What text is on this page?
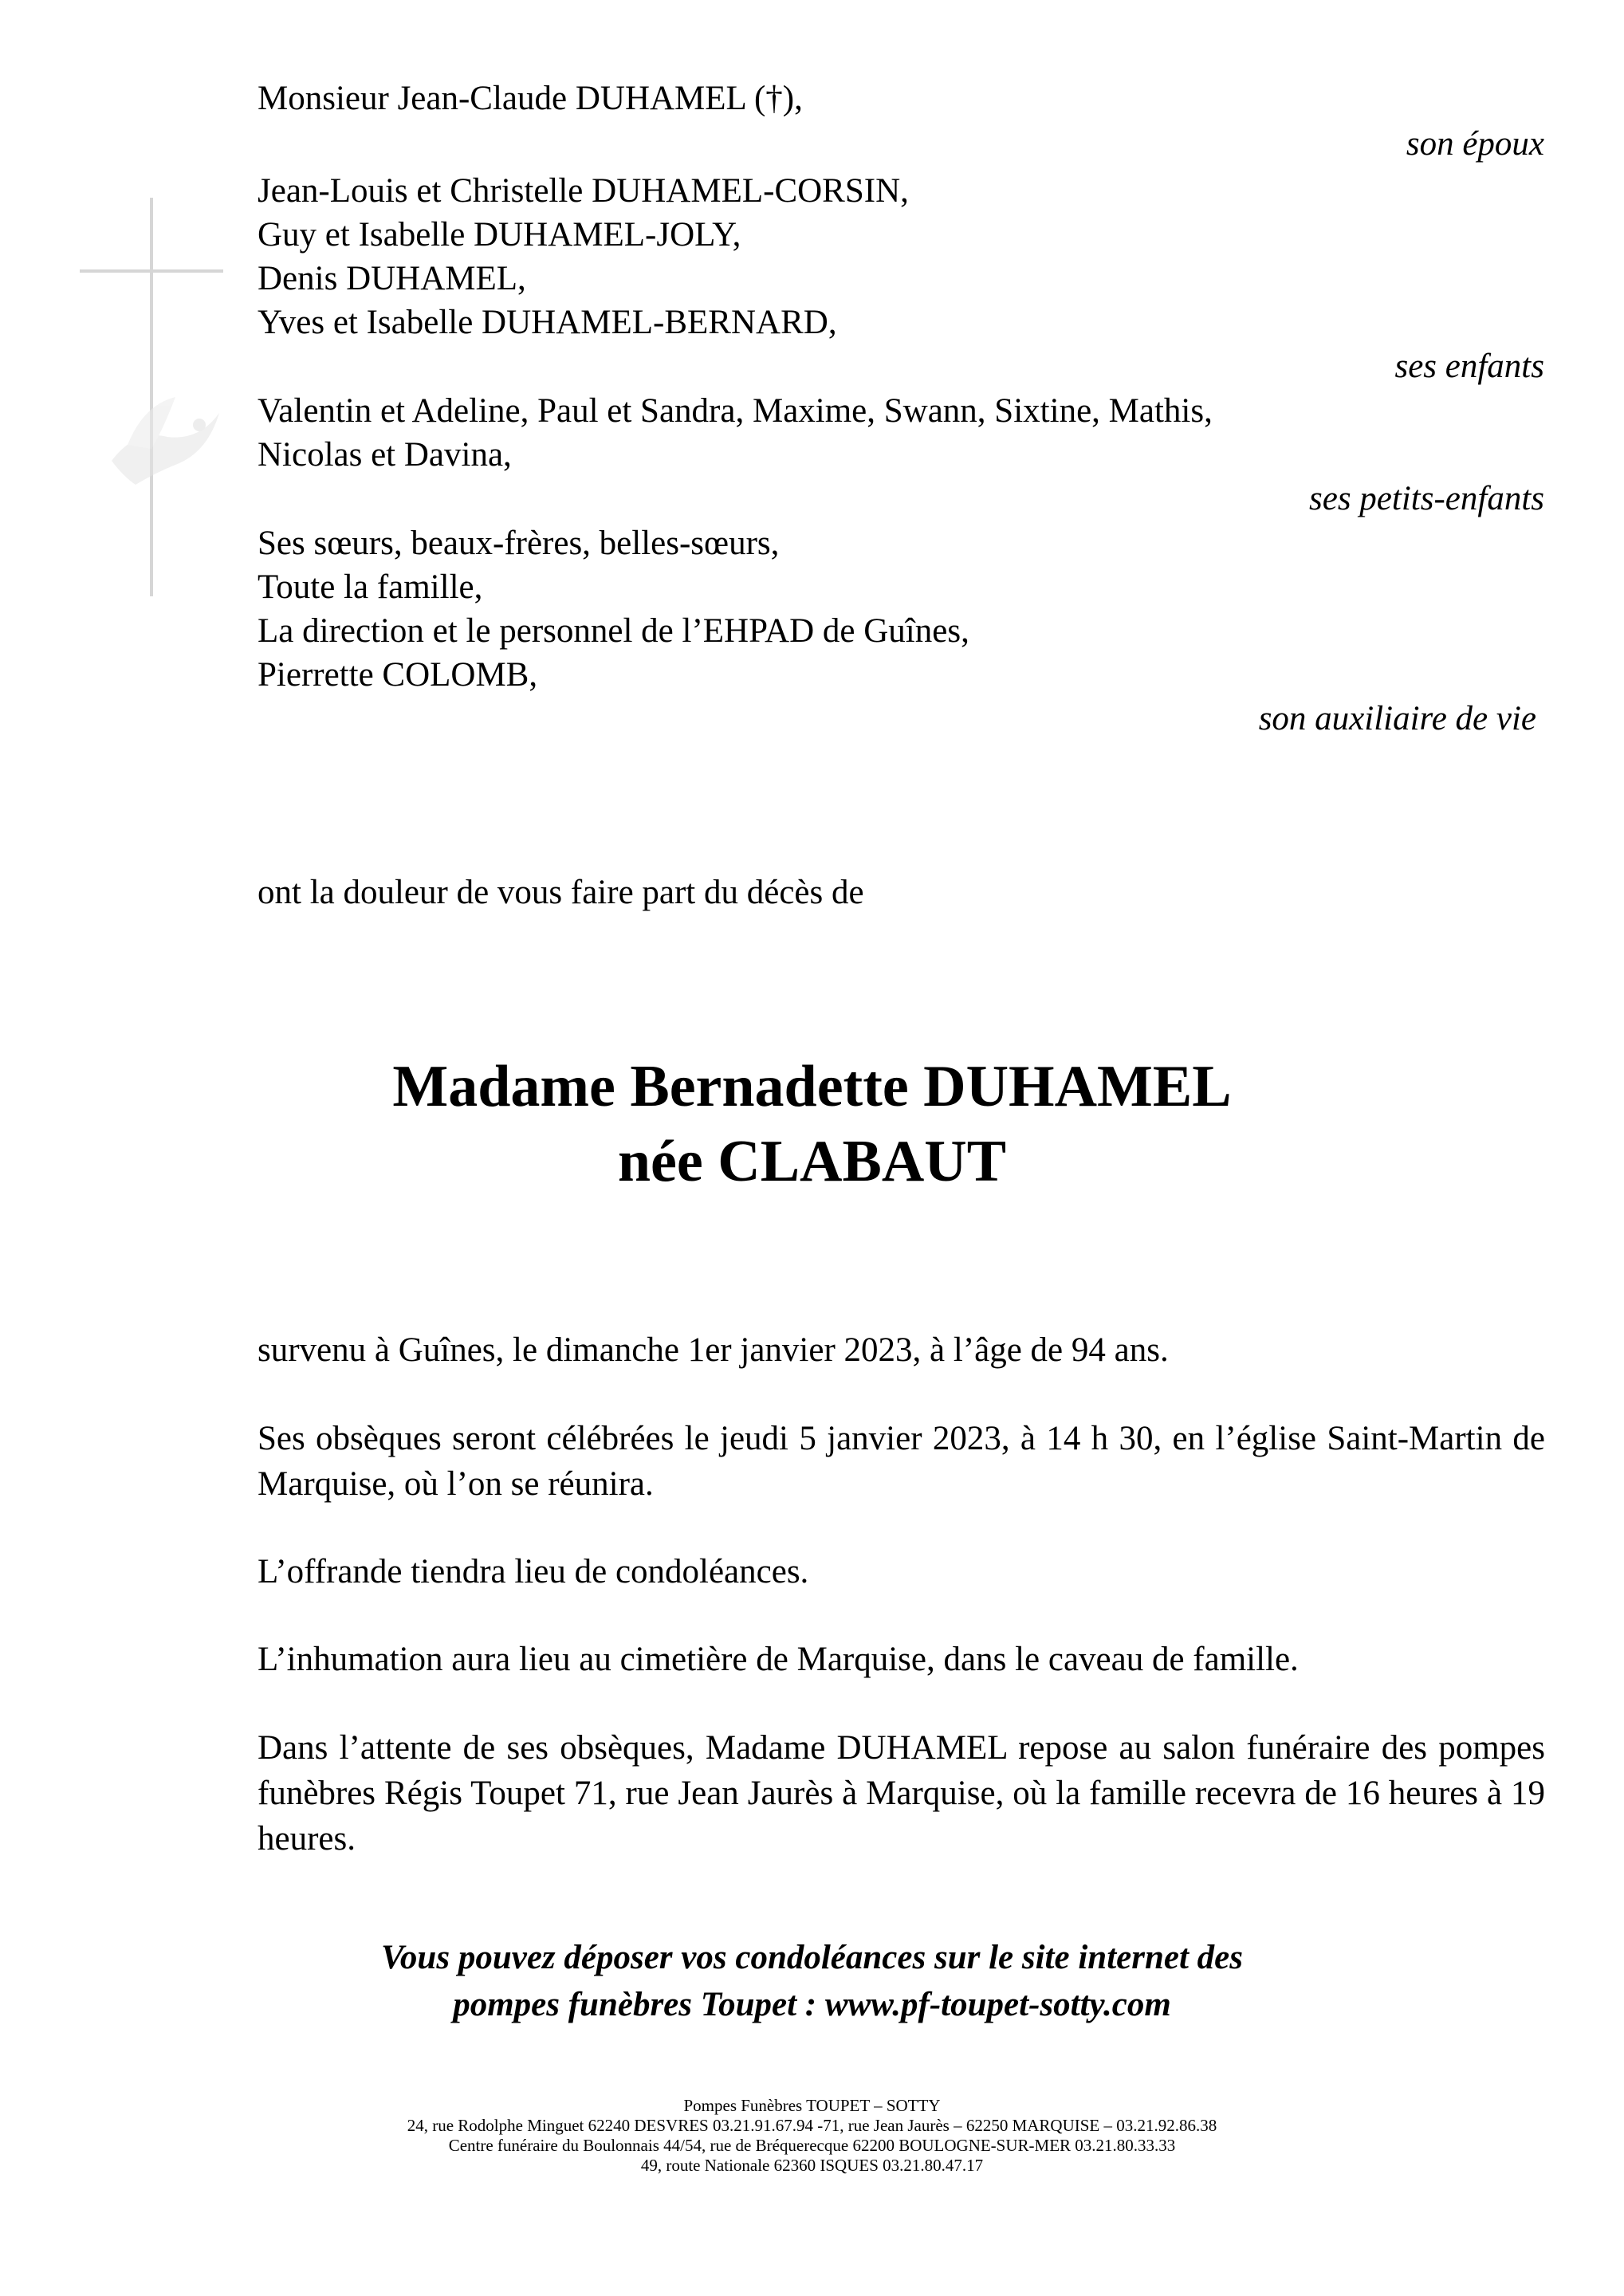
Monsieur Jean-Claude DUHAMEL (†),
son époux
Jean-Louis et Christelle DUHAMEL-CORSIN,
Guy et Isabelle DUHAMEL-JOLY,
Denis DUHAMEL,
Yves et Isabelle DUHAMEL-BERNARD,
ses enfants
Valentin et Adeline, Paul et Sandra, Maxime, Swann, Sixtine, Mathis,
Nicolas et Davina,
ses petits-enfants
Ses sœurs, beaux-frères, belles-sœurs,
Toute la famille,
La direction et le personnel de l’EHPAD de Guînes,
Pierrette COLOMB,
son auxiliaire de vie
ont la douleur de vous faire part du décès de
Madame Bernadette DUHAMEL
née CLABAUT
survenu à Guînes, le dimanche 1er janvier 2023, à l’âge de 94 ans.
Ses obsèques seront célébrées le jeudi 5 janvier 2023, à 14 h 30, en l’église Saint-Martin de Marquise, où l’on se réunira.
L’offrande tiendra lieu de condoléances.
L’inhumation aura lieu au cimetière de Marquise, dans le caveau de famille.
Dans l’attente de ses obsèques, Madame DUHAMEL repose au salon funéraire des pompes funèbres Régis Toupet 71, rue Jean Jaurès à Marquise, où la famille recevra de 16 heures à 19 heures.
Vous pouvez déposer vos condoléances sur le site internet des
pompes funèbres Toupet : www.pf-toupet-sotty.com
Pompes Funèbres TOUPET – SOTTY
24, rue Rodolphe Minguet 62240 DESVRES 03.21.91.67.94 -71, rue Jean Jaurès – 62250 MARQUISE – 03.21.92.86.38
Centre funéraire du Boulonnais 44/54, rue de Bréquerecque 62200 BOULOGNE-SUR-MER 03.21.80.33.33
49, route Nationale 62360 ISQUES 03.21.80.47.17
